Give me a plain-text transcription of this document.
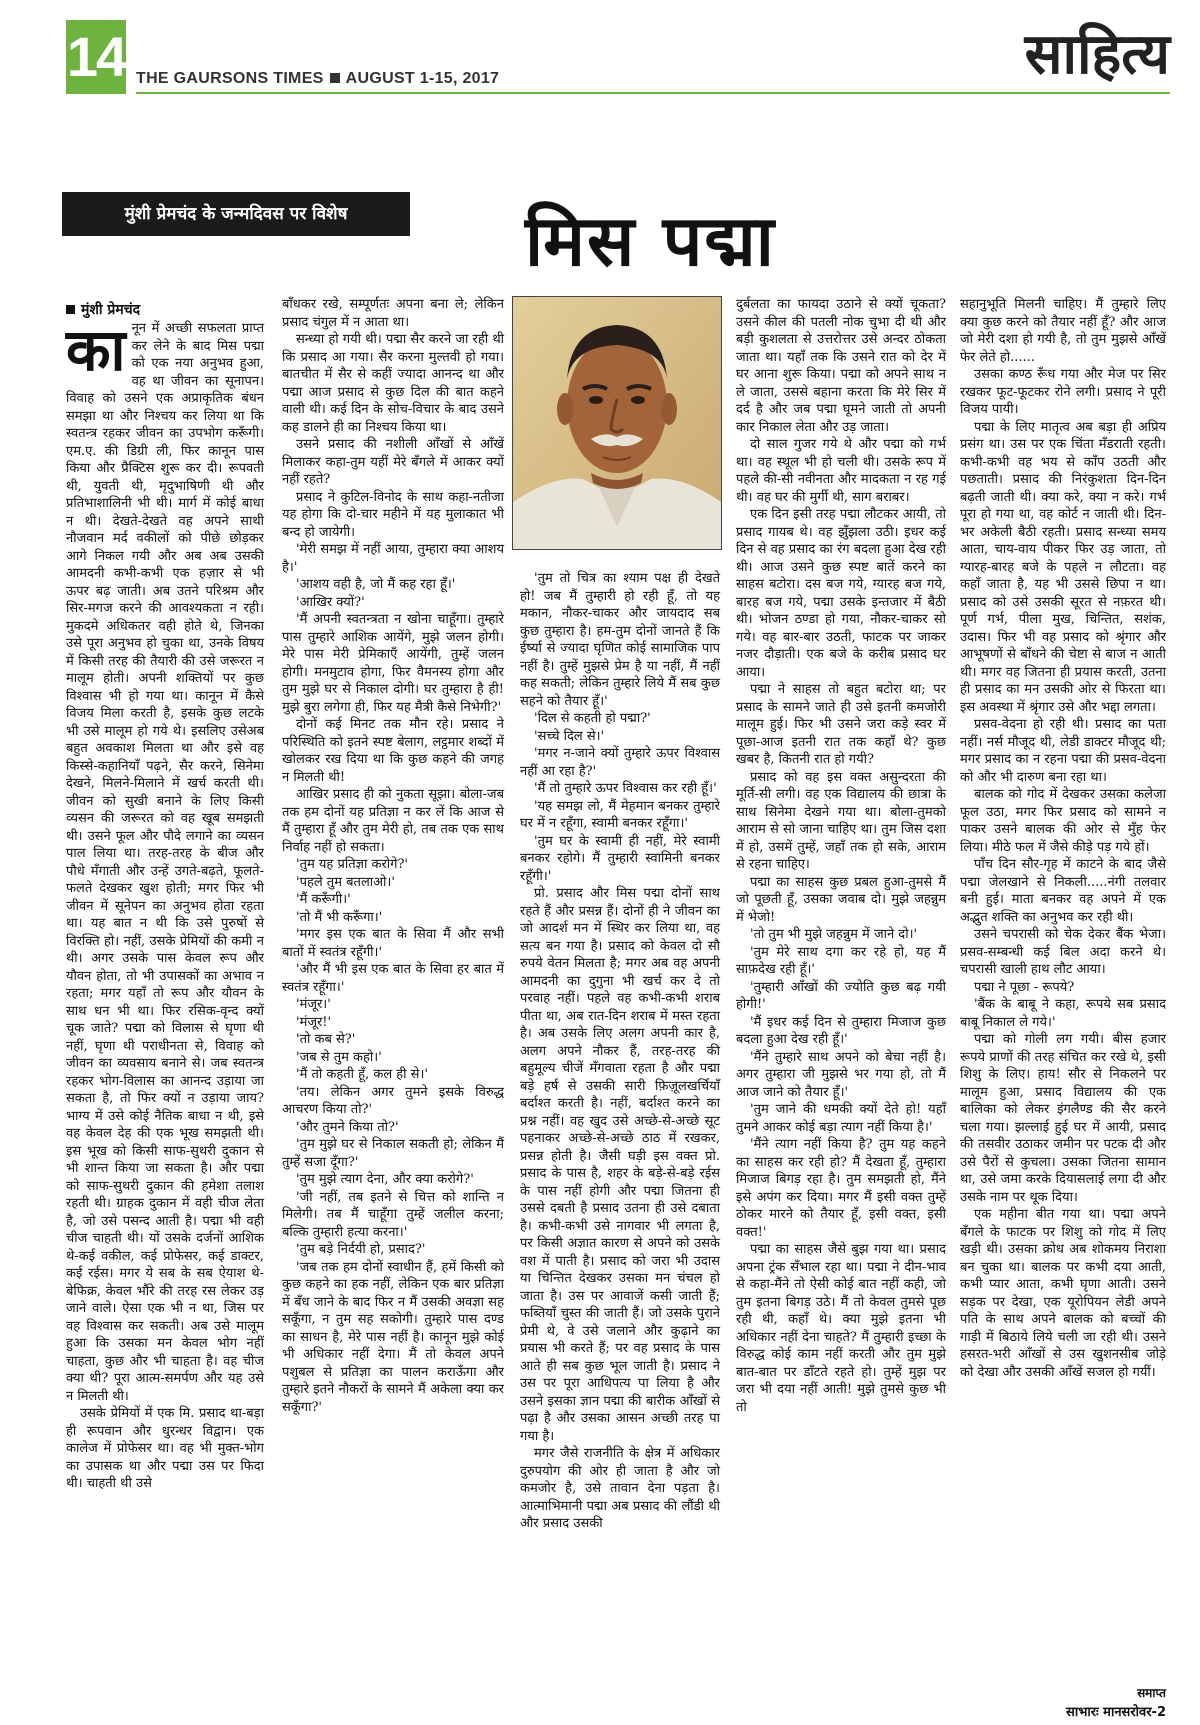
14 THE GAURSONS TIMES AUGUST 1-15, 2017	साहित्य
मुंशी प्रेमचंद के जन्मदिवस पर विशेष	मिस पद्मा
मुंशी प्रेमचंद

कानून में अच्छी सफलता प्राप्त कर लेने के बाद मिस पद्मा को एक नया अनुभव हुआ, वह था जीवन का सूनापन। विवाह को उसने एक अप्राकृतिक बंधन समझा था और निश्चय कर लिया था कि स्वतन्त्र रहकर जीवन का उपभोग करूँगी। एम.ए. की डिग्री ली, फिर कानून पास किया और प्रैक्टिस शुरू कर दी। रूपवती थी, युवती थी, मृदुभाषिणी थी और प्रतिभाशालिनी भी थी। मार्ग में कोई बाधा न थी। देखते-देखते वह अपने साथी नौजवान मर्द वकीलों को पीछे छोड़कर आगे निकल गयी और अब अब उसकी आमदनी कभी-कभी एक हज़ार से भी ऊपर बढ़ जाती। अब उतने परिश्रम और सिर-मगज करने की आवश्यकता न रही। मुकदमे अधिकतर वही होते थे, जिनका उसे पूरा अनुभव हो चुका था, उनके विषय में किसी तरह की तैयारी की उसे जरूरत न मालूम होती। अपनी शक्तियों पर कुछ विश्वास भी हो गया था। कानून में कैसे विजय मिला करती है, इसके कुछ लटके भी उसे मालूम हो गये थे। इसलिए उसेअब बहुत अवकाश मिलता था और इसे वह किस्से-कहानियाँ पढ़ने, सैर करने, सिनेमा देखने, मिलने-मिलाने में खर्च करती थी। जीवन को सुखी बनाने के लिए किसी व्यसन की जरूरत को वह खूब समझती थी। उसने फूल और पौदे लगाने का व्यसन पाल लिया था। तरह-तरह के बीज और पौधे मँगाती और उन्हें उगते-बढ़ते, फूलते-फलते देखकर खुश होती; मगर फिर भी जीवन में सूनेपन का अनुभव होता रहता था। यह बात न थी कि उसे पुरुषों से विरक्ति हो। नहीं, उसके प्रेमियों की कमी न थी। अगर उसके पास केवल रूप और यौवन होता, तो भी उपासकों का अभाव न रहता; मगर यहाँ तो रूप और यौवन के साथ धन भी था। फिर रसिक-वृन्द क्यों चूक जाते? पद्मा को विलास से घृणा थी नहीं, घृणा थी पराधीनता से, विवाह को जीवन का व्यवसाय बनाने से। जब स्वतन्त्र रहकर भोग-विलास का आनन्द उड़ाया जा सकता है, तो फिर क्यों न उड़ाया जाय? भाग्य में उसे कोई नैतिक बाधा न थी, इसे वह केवल देह की एक भूख समझती थी। इस भूख को किसी साफ-सुथरी दुकान से भी शान्त किया जा सकता है। और पद्मा को साफ-सुथरी दुकान की हमेशा तलाश रहती थी। ग्राहक दुकान में वही चीज लेता है, जो उसे पसन्द आती है। पद्मा भी वही चीज चाहती थी। यों उसके दर्जनों आशिक थे-कई वकील, कई प्रोफेसर, कई डाक्टर, कई रईस। मगर ये सब के सब ऐयाश थे-बेफिक्र, केवल भौंरे की तरह रस लेकर उड़ जाने वाले। ऐसा एक भी न था, जिस पर वह विश्वास कर सकती। अब उसे मालूम हुआ कि उसका मन केवल भोग नहीं चाहता, कुछ और भी चाहता है। वह चीज क्या थी? पूरा आत्म-समर्पण और यह उसे न मिलती थी।

उसके प्रेमियों में एक मि. प्रसाद था-बड़ा ही रूपवान और धुरन्धर विद्वान। एक कालेज में प्रोफेसर था। वह भी मुक्त-भोग का उपासक था और पद्मा उस पर फिदा थी। चाहती थी उसे

बाँधकर रखे, सम्पूर्णतः अपना बना ले; लेकिन प्रसाद चंगुल में न आता था।

सन्ध्या हो गयी थी। पद्मा सैर करने जा रही थी कि प्रसाद आ गया। सैर करना मुल्तवी हो गया। बातचीत में सैर से कहीं ज्यादा आनन्द था और पद्मा आज प्रसाद से कुछ दिल की बात कहने वाली थी। कई दिन के सोच-विचार के बाद उसने कह डालने ही का निश्चय किया था।

उसने प्रसाद की नशीली आँखों से आँखें मिलाकर कहा-तुम यहीं मेरे बँगले में आकर क्यों नहीं रहते?

प्रसाद ने कुटिल-विनोद के साथ कहा-नतीजा यह होगा कि दो-चार महीने में यह मुलाकात भी बन्द हो जायेगी।

'मेरी समझ में नहीं आया, तुम्हारा क्या आशय है।'

'आशय वही है, जो मैं कह रहा हूँ।'

'आखिर क्यों?'

'मैं अपनी स्वतन्त्रता न खोना चाहूँगा। तुम्हारे पास तुम्हारे आशिक आयेंगे, मुझे जलन होगी। मेरे पास मेरी प्रेमिकाएँ आयेंगी, तुम्हें जलन होगी। मनमुटाव होगा, फिर वैमनस्य होगा और तुम मुझे घर से निकाल दोगी। घर तुम्हारा है ही! मुझे बुरा लगेगा ही, फिर यह मैत्री कैसे निभेगी?'

दोनों कई मिनट तक मौन रहे। प्रसाद ने परिस्थिति को इतने स्पष्ट बेलाग, लट्ठमार शब्दों में खोलकर रख दिया था कि कुछ कहने की जगह न मिलती थी!

आखिर प्रसाद ही को नुकता सूझा। बोला-जब तक हम दोनों यह प्रतिज्ञा न कर लें कि आज से मैं तुम्हारा हूँ और तुम मेरी हो, तब तक एक साथ निर्वाह नहीं हो सकता।

'तुम यह प्रतिज्ञा करोगे?'

'पहले तुम बतलाओ।'

'मैं करूँगी।'

'तो मैं भी करूँगा।'

'मगर इस एक बात के सिवा मैं और सभी बातों में स्वतंत्र रहूँगी।'

'और मैं भी इस एक बात के सिवा हर बात में स्वतंत्र रहूँगा।'

'मंजूर।'

'मंजूर!'

'तो कब से?'

'जब से तुम कहो।'

'मैं तो कहती हूँ, कल ही से।'

'तय। लेकिन अगर तुमने इसके विरुद्ध आचरण किया तो?'

'और तुमने किया तो?'

'तुम मुझे घर से निकाल सकती हो; लेकिन मैं तुम्हें सजा दूँगा?'

'तुम मुझे त्याग देना, और क्या करोगे?'

'जी नहीं, तब इतने से चित्त को शान्ति न मिलेगी। तब मैं चाहूँगा तुम्हें जलील करना; बल्कि तुम्हारी हत्या करना।'

'तुम बड़े निर्दयी हो, प्रसाद?'

'जब तक हम दोनों स्वाधीन हैं, हमें किसी को कुछ कहने का हक नहीं, लेकिन एक बार प्रतिज्ञा में बँध जाने के बाद फिर न मैं उसकी अवज्ञा सह सकूँगा, न तुम सह सकोगी। तुम्हारे पास दण्ड का साधन है, मेरे पास नहीं है। कानून मुझे कोई भी अधिकार नहीं देगा। मैं तो केवल अपने पशुबल से प्रतिज्ञा का पालन कराऊँगा और तुम्हारे इतने नौकरों के सामने मैं अकेला क्या कर सकूँगा?'

'तुम तो चित्र का श्याम पक्ष ही देखते हो! जब मैं तुम्हारी हो रही हूँ, तो यह मकान, नौकर-चाकर और जायदाद सब कुछ तुम्हारा है। हम-तुम दोनों जानते हैं कि ईर्ष्या से ज्यादा घृणित कोई सामाजिक पाप नहीं है। तुम्हें मुझसे प्रेम है या नहीं, मैं नहीं कह सकती; लेकिन तुम्हारे लिये मैं सब कुछ सहने को तैयार हूँ।'

'दिल से कहती हो पद्मा?'

'सच्चे दिल से।'

'मगर न-जाने क्यों तुम्हारे ऊपर विश्वास नहीं आ रहा है?'

'मैं तो तुम्हारे ऊपर विश्वास कर रही हूँ।'

'यह समझ लो, मैं मेहमान बनकर तुम्हारे घर में न रहूँगा, स्वामी बनकर रहूँगा।'

'तुम घर के स्वामी ही नहीं, मेरे स्वामी बनकर रहोगे। मैं तुम्हारी स्वामिनी बनकर रहूँगी।'

प्रो. प्रसाद और मिस पद्मा दोनों साथ रहते हैं और प्रसन्न हैं। दोनों ही ने जीवन का जो आदर्श मन में स्थिर कर लिया था, वह सत्य बन गया है। प्रसाद को केवल दो सौ रुपये वेतन मिलता है; मगर अब वह अपनी आमदनी का दुगुना भी खर्च कर दे तो परवाह नहीं। पहले वह कभी-कभी शराब पीता था, अब रात-दिन शराब में मस्त रहता है। अब उसके लिए अलग अपनी कार है, अलग अपने नौकर हैं, तरह-तरह की बहुमूल्य चीजें मँगवाता रहता है और पद्मा बड़े हर्ष से उसकी सारी फ़िज़ूलखर्चियाँ बर्दाश्त करती है। नहीं, बर्दाश्त करने का प्रश्न नहीं। वह खुद उसे अच्छे-से-अच्छे सूट पहनाकर अच्छे-से-अच्छे ठाठ में रखकर, प्रसन्न होती है। जैसी घड़ी इस वक्त प्रो. प्रसाद के पास है, शहर के बड़े-से-बड़े रईस के पास नहीं होगी और पद्मा जितना ही उससे दबती है प्रसाद उतना ही उसे दबाता है। कभी-कभी उसे नागवार भी लगता है, पर किसी अज्ञात कारण से अपने को उसके वश में पाती है। प्रसाद को जरा भी उदास या चिन्तित देखकर उसका मन चंचल हो जाता है। उस पर आवाजें कसी जाती हैं; फब्तियाँ चुस्त की जाती हैं। जो उसके पुराने प्रेमी थे, वे उसे जलाने और कुढ़ाने का प्रयास भी करते हैं; पर वह प्रसाद के पास आते ही सब कुछ भूल जाती है। प्रसाद ने उस पर पूरा आधिपत्य पा लिया है और उसने इसका ज्ञान पद्मा की बारीक आँखों से पढ़ा है और उसका आसन अच्छी तरह पा गया है।

मगर जैसे राजनीति के क्षेत्र में अधिकार दुरुपयोग की ओर ही जाता है और जो कमजोर है, उसे तावान देना पड़ता है। आत्माभिमानी पद्मा अब प्रसाद की लौंडी थी और प्रसाद उसकी

दुर्बलता का फायदा उठाने से क्यों चूकता? उसने कील की पतली नोक चुभा दी थी और बड़ी कुशलता से उत्तरोत्तर उसे अन्दर ठोकता जाता था। यहाँ तक कि उसने रात को देर में घर आना शुरू किया। पद्मा को अपने साथ न ले जाता, उससे बहाना करता कि मेरे सिर में दर्द है और जब पद्मा घूमने जाती तो अपनी कार निकाल लेता और उड़ जाता।

दो साल गुजर गये थे और पद्मा को गर्भ था। वह स्थूल भी हो चली थी। उसके रूप में पहले की-सी नवीनता और मादकता न रह गई थी। वह घर की मुर्गी थी, साग बराबर।

एक दिन इसी तरह पद्मा लौटकर आयी, तो प्रसाद गायब थे। वह झुँझला उठी। इधर कई दिन से वह प्रसाद का रंग बदला हुआ देख रही थी। आज उसने कुछ स्पष्ट बातें करने का साहस बटोरा। दस बज गये, ग्यारह बज गये, बारह बज गये, पद्मा उसके इन्तजार में बैठी थी। भोजन ठण्डा हो गया, नौकर-चाकर सो गये। वह बार-बार उठती, फाटक पर जाकर नजर दौड़ाती। एक बजे के करीब प्रसाद घर आया।

पद्मा ने साहस तो बहुत बटोरा था; पर प्रसाद के सामने जाते ही उसे इतनी कमजोरी मालूम हुई। फिर भी उसने जरा कड़े स्वर में पूछा-आज इतनी रात तक कहाँ थे? कुछ खबर है, कितनी रात हो गयी?

प्रसाद को वह इस वक्त असुन्दरता की मूर्ति-सी लगी। वह एक विद्यालय की छात्रा के साथ सिनेमा देखने गया था। बोला-तुमको आराम से सो जाना चाहिए था। तुम जिस दशा में हो, उसमें तुम्हें, जहाँ तक हो सके, आराम से रहना चाहिए।

पद्मा का साहस कुछ प्रबल हुआ-तुमसे मैं जो पूछती हूँ, उसका जवाब दो। मुझे जहन्नुम में भेजो!

'तो तुम भी मुझे जहन्नुम में जाने दो।'

'तुम मेरे साथ दगा कर रहे हो, यह मैं साफ़देख रही हूँ।'

'तुम्हारी आँखों की ज्योति कुछ बढ़ गयी होगी!'

'मैं इधर कई दिन से तुम्हारा मिजाज कुछ बदला हुआ देख रही हूँ।'

'मैंने तुम्हारे साथ अपने को बेचा नहीं है। अगर तुम्हारा जी मुझसे भर गया हो, तो मैं आज जाने को तैयार हूँ।'

'तुम जाने की धमकी क्यों देते हो! यहाँ तुमने आकर कोई बड़ा त्याग नहीं किया है।'

'मैंने त्याग नहीं किया है? तुम यह कहने का साहस कर रही हो? मैं देखता हूँ, तुम्हारा मिजाज बिगड़ रहा है। तुम समझती हो, मैंने इसे अपंग कर दिया। मगर मैं इसी वक्त तुम्हें ठोकर मारने को तैयार हूँ, इसी वक्त, इसी वक्त!'

पद्मा का साहस जैसे बुझ गया था। प्रसाद अपना ट्रंक सँभाल रहा था। पद्मा ने दीन-भाव से कहा-मैंने तो ऐसी कोई बात नहीं कही, जो तुम इतना बिगड़ उठे। मैं तो केवल तुमसे पूछ रही थी, कहाँ थे। क्या मुझे इतना भी अधिकार नहीं देना चाहते? मैं तुम्हारी इच्छा के विरुद्ध कोई काम नहीं करती और तुम मुझे बात-बात पर डाँटते रहते हो। तुम्हें मुझ पर जरा भी दया नहीं आती! मुझे तुमसे कुछ भी तो

सहानुभूति मिलनी चाहिए। मैं तुम्हारे लिए क्या कुछ करने को तैयार नहीं हूँ? और आज जो मेरी दशा हो गयी है, तो तुम मुझसे आँखें फेर लेते हो......

उसका कण्ठ रूँध गया और मेज पर सिर रखकर फूट-फूटकर रोने लगी। प्रसाद ने पूरी विजय पायी।

पद्मा के लिए मातृत्व अब बड़ा ही अप्रिय प्रसंग था। उस पर एक चिंता मँडराती रहती। कभी-कभी वह भय से काँप उठती और पछताती। प्रसाद की निरंकुशता दिन-दिन बढ़ती जाती थी। क्या करे, क्या न करे। गर्भ पूरा हो गया था, वह कोर्ट न जाती थी। दिन-भर अकेली बैठी रहती। प्रसाद सन्ध्या समय आता, चाय-वाय पीकर फिर उड़ जाता, तो ग्यारह-बारह बजे के पहले न लौटता। वह कहाँ जाता है, यह भी उससे छिपा न था। प्रसाद को उसे उसकी सूरत से नफ़रत थी। पूर्ण गर्भ, पीला मुख, चिन्तित, सशंक, उदास। फिर भी वह प्रसाद को श्रृंगार और आभूषणों से बाँधने की चेष्टा से बाज न आती थी। मगर वह जितना ही प्रयास करती, उतना ही प्रसाद का मन उसकी ओर से फिरता था। इस अवस्था में श्रृंगार उसे और भद्दा लगता।

प्रसव-वेदना हो रही थी। प्रसाद का पता नहीं। नर्स मौजूद थी, लेडी डाक्टर मौजूद थी; मगर प्रसाद का न रहना पद्मा की प्रसव-वेदना को और भी दारुण बना रहा था।

बालक को गोद में देखकर उसका कलेजा फूल उठा, मगर फिर प्रसाद को सामने न पाकर उसने बालक की ओर से मुँह फेर लिया। मीठे फल में जैसे कीड़े पड़ गये हों।

पाँच दिन सौर-गृह में काटने के बाद जैसे पद्मा जेलखाने से निकली.....नंगी तलवार बनी हुई। माता बनकर वह अपने में एक अद्भुत शक्ति का अनुभव कर रही थी।

उसने चपरासी को चेक देकर बैंक भेजा। प्रसव-सम्बन्धी कई बिल अदा करने थे। चपरासी खाली हाथ लौट आया।

पद्मा ने पूछा - रूपये?

'बैंक के बाबू ने कहा, रूपये सब प्रसाद बाबू निकाल ले गये।'

पद्मा को गोली लग गयी। बीस हजार रूपये प्राणों की तरह संचित कर रखे थे, इसी शिशु के लिए। हाय! सौर से निकलने पर मालूम हुआ, प्रसाद विद्यालय की एक बालिका को लेकर इंगलैण्ड की सैर करने चला गया। झल्लाई हुई घर में आयी, प्रसाद की तसवीर उठाकर जमीन पर पटक दी और उसे पैरों से कुचला। उसका जितना सामान था, उसे जमा करके दियासलाई लगा दी और उसके नाम पर थूक दिया।

एक महीना बीत गया था। पद्मा अपने बँगले के फाटक पर शिशु को गोद में लिए खड़ी थी। उसका क्रोध अब शोकमय निराशा बन चुका था। बालक पर कभी दया आती, कभी प्यार आता, कभी घृणा आती। उसने सड़क पर देखा, एक यूरोपियन लेडी अपने पति के साथ अपने बालक को बच्चों की गाड़ी में बिठाये लिये चली जा रही थी। उसने हसरत-भरी आँखों से उस खुशनसीब जोड़े को देखा और उसकी आँखें सजल हो गयीं।

समाप्त
साभारः मानसरोवर-2
